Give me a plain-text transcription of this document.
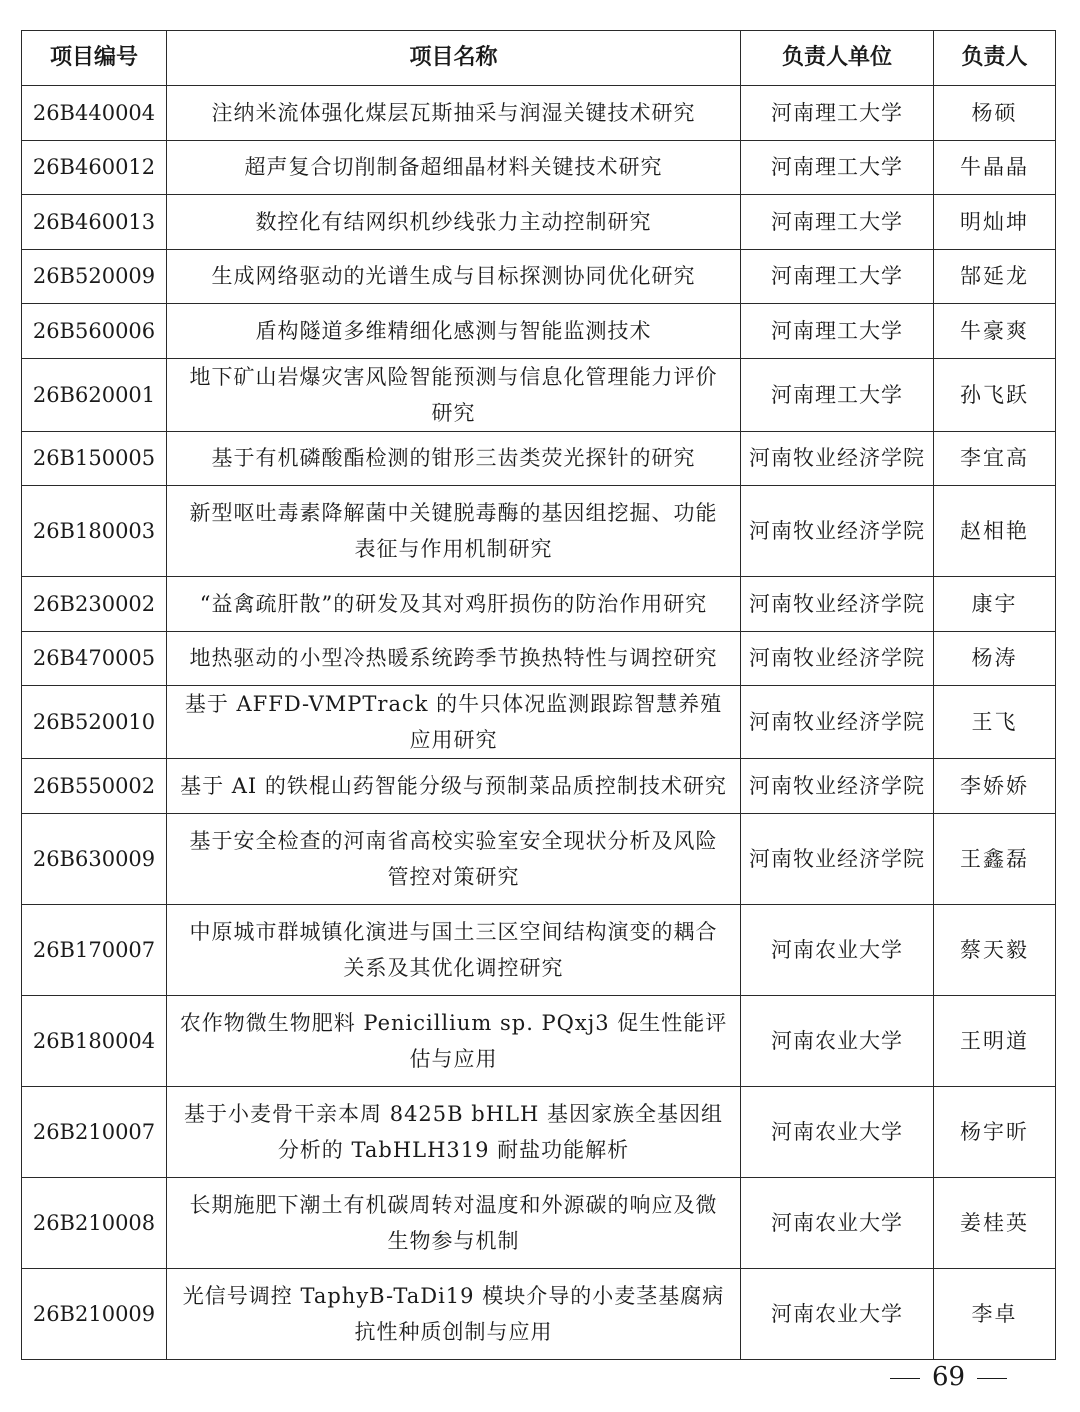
项目编号	项目名称	负责人单位	负责人
26B440004	注纳米流体强化煤层瓦斯抽采与润湿关键技术研究	河南理工大学	杨硕
26B460012	超声复合切削制备超细晶材料关键技术研究	河南理工大学	牛晶晶
26B460013	数控化有结网织机纱线张力主动控制研究	河南理工大学	明灿坤
26B520009	生成网络驱动的光谱生成与目标探测协同优化研究	河南理工大学	郜延龙
26B560006	盾构隧道多维精细化感测与智能监测技术	河南理工大学	牛豪爽
26B620001	地下矿山岩爆灾害风险智能预测与信息化管理能力评价研究	河南理工大学	孙飞跃
26B150005	基于有机磷酸酯检测的钳形三齿类荧光探针的研究	河南牧业经济学院	李宜高
26B180003	新型呕吐毒素降解菌中关键脱毒酶的基因组挖掘、功能表征与作用机制研究	河南牧业经济学院	赵相艳
26B230002	“益禽疏肝散”的研发及其对鸡肝损伤的防治作用研究	河南牧业经济学院	康宇
26B470005	地热驱动的小型冷热暖系统跨季节换热特性与调控研究	河南牧业经济学院	杨涛
26B520010	基于 AFFD-VMPTrack 的牛只体况监测跟踪智慧养殖应用研究	河南牧业经济学院	王飞
26B550002	基于 AI 的铁棍山药智能分级与预制菜品质控制技术研究	河南牧业经济学院	李娇娇
26B630009	基于安全检查的河南省高校实验室安全现状分析及风险管控对策研究	河南牧业经济学院	王鑫磊
26B170007	中原城市群城镇化演进与国土三区空间结构演变的耦合关系及其优化调控研究	河南农业大学	蔡天毅
26B180004	农作物微生物肥料 Penicillium sp. PQxj3 促生性能评估与应用	河南农业大学	王明道
26B210007	基于小麦骨干亲本周 8425B bHLH 基因家族全基因组分析的 TabHLH319 耐盐功能解析	河南农业大学	杨宇昕
26B210008	长期施肥下潮土有机碳周转对温度和外源碳的响应及微生物参与机制	河南农业大学	姜桂英
26B210009	光信号调控 TaphyB-TaDi19 模块介导的小麦茎基腐病抗性种质创制与应用	河南农业大学	李卓
69
